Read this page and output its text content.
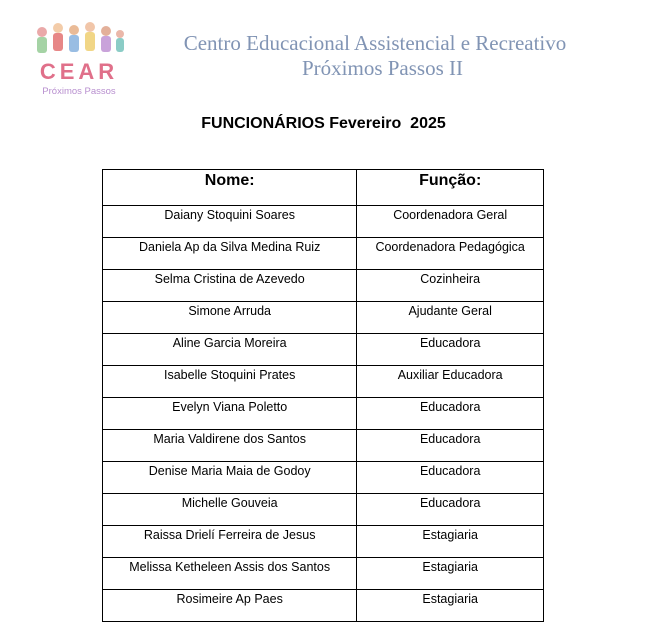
CEAR
Próximos Passos
Centro Educacional Assistencial e Recreativo
Próximos Passos II
FUNCIONÁRIOS Fevereiro  2025
Nome:	Função:
Daiany Stoquini Soares	Coordenadora Geral
Daniela Ap da Silva Medina Ruiz	Coordenadora Pedagógica
Selma Cristina de Azevedo	Cozinheira
Simone Arruda	Ajudante Geral
Aline Garcia Moreira	Educadora
Isabelle Stoquini Prates	Auxiliar Educadora
Evelyn Viana Poletto	Educadora
Maria Valdirene dos Santos	Educadora
Denise Maria Maia de Godoy	Educadora
Michelle Gouveia	Educadora
Raissa Drielí Ferreira de Jesus	Estagiaria
Melissa Ketheleen Assis dos Santos	Estagiaria
Rosimeire Ap Paes	Estagiaria
